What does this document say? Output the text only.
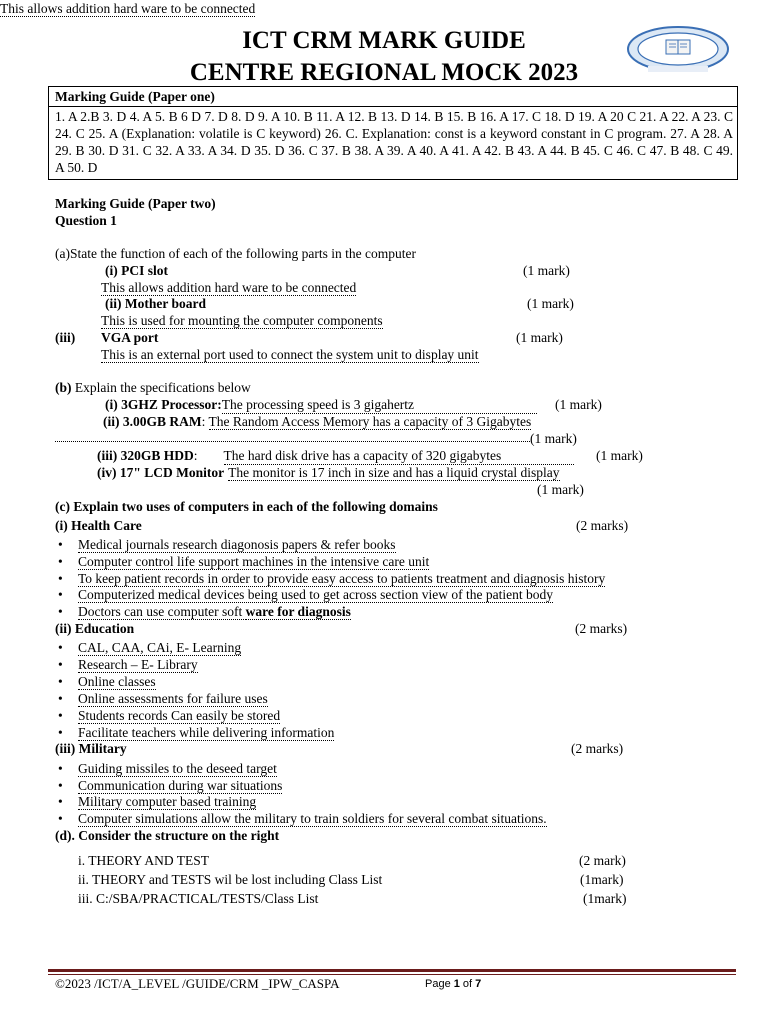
ICT CRM MARK GUIDE
CENTRE REGIONAL MOCK 2023
Marking Guide (Paper one)
1. A 2.B 3. D 4. A 5. B 6 D 7. D 8. D 9. A 10. B 11. A 12. B 13. D 14. B 15. B 16. A 17. C 18. D 19. A 20 C 21. A 22. A 23. C 24. C 25. A (Explanation: volatile is C keyword) 26. C. Explanation: const is a keyword constant in C program. 27. A 28. A 29. B 30. D 31. C 32. A 33. A 34. D 35. D 36. C 37. B 38. A 39. A 40. A 41. A 42. B 43. A 44. B 45. C 46. C 47. B 48. C 49. A 50. D
Marking Guide (Paper two)
Question 1
(a)State the function of each of the following parts in the computer
(i) PCI slot	(1 mark)
This allows addition hard ware to be connected
This allows addition hard ware to be connected
(ii) Mother board	(1 mark)
This is used for mounting the computer components
(iii) VGA port	(1 mark)
This is an external port used to connect the system unit to display unit
(b) Explain the specifications below
(i) 3GHZ Processor:The processing speed is 3 gigahertz	(1 mark)
(ii) 3.00GB RAM: The Random Access Memory has a capacity of 3 Gigabytes
(1 mark)
(iii) 320GB HDD: The hard disk drive has a capacity of 320 gigabytes	(1 mark)
(iv) 17" LCD Monitor The monitor is 17 inch in size and has a liquid crystal display
(1 mark)
(c) Explain two uses of computers in each of the following domains
(i) Health Care	(2 marks)
• Medical journals research diagonosis papers & refer books
• Computer control life support machines in the intensive care unit
• To keep patient records in order to provide easy access to patients treatment and diagnosis history
• Computerized medical devices being used to get across section view of the patient body
• Doctors can use computer soft ware for diagnosis
(ii) Education	(2 marks)
• CAL, CAA, CAi, E- Learning
• Research – E- Library
• Online classes
• Online assessments for failure uses
• Students records Can easily be stored
• Facilitate teachers while delivering information
(iii) Military	(2 marks)
• Guiding missiles to the deseed target
• Communication during war situations
• Military computer based training
• Computer simulations allow the military to train soldiers for several combat situations.
(d). Consider the structure on the right
i. THEORY AND TEST	(2 mark)
ii. THEORY and TESTS wil be lost including Class List	(1mark)
iii. C:/SBA/PRACTICAL/TESTS/Class List	(1mark)
©2023 /ICT/A_LEVEL /GUIDE/CRM _IPW_CASPA	Page 1 of 7
